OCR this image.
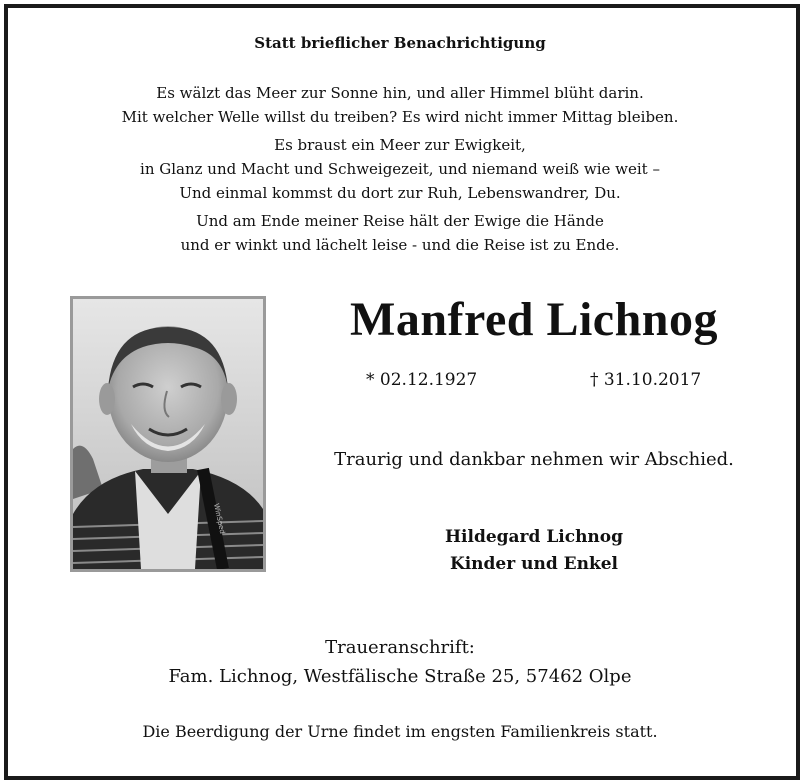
Statt brieflicher Benachrichtigung
Es wälzt das Meer zur Sonne hin, und aller Himmel blüht darin.
Mit welcher Welle willst du treiben? Es wird nicht immer Mittag bleiben.
Es braust ein Meer zur Ewigkeit,
in Glanz und Macht und Schweigezeit, und niemand weiß wie weit –
Und einmal kommst du dort zur Ruh, Lebenswandrer, Du.
Und am Ende meiner Reise hält der Ewige die Hände
und er winkt und lächelt leise - und die Reise ist zu Ende.
WinSped
Manfred Lichnog
* 02.12.1927	† 31.10.2017
Traurig und dankbar nehmen wir Abschied.
Hildegard Lichnog
Kinder und Enkel
Traueranschrift:
Fam. Lichnog, Westfälische Straße 25, 57462 Olpe
Die Beerdigung der Urne findet im engsten Familienkreis statt.
